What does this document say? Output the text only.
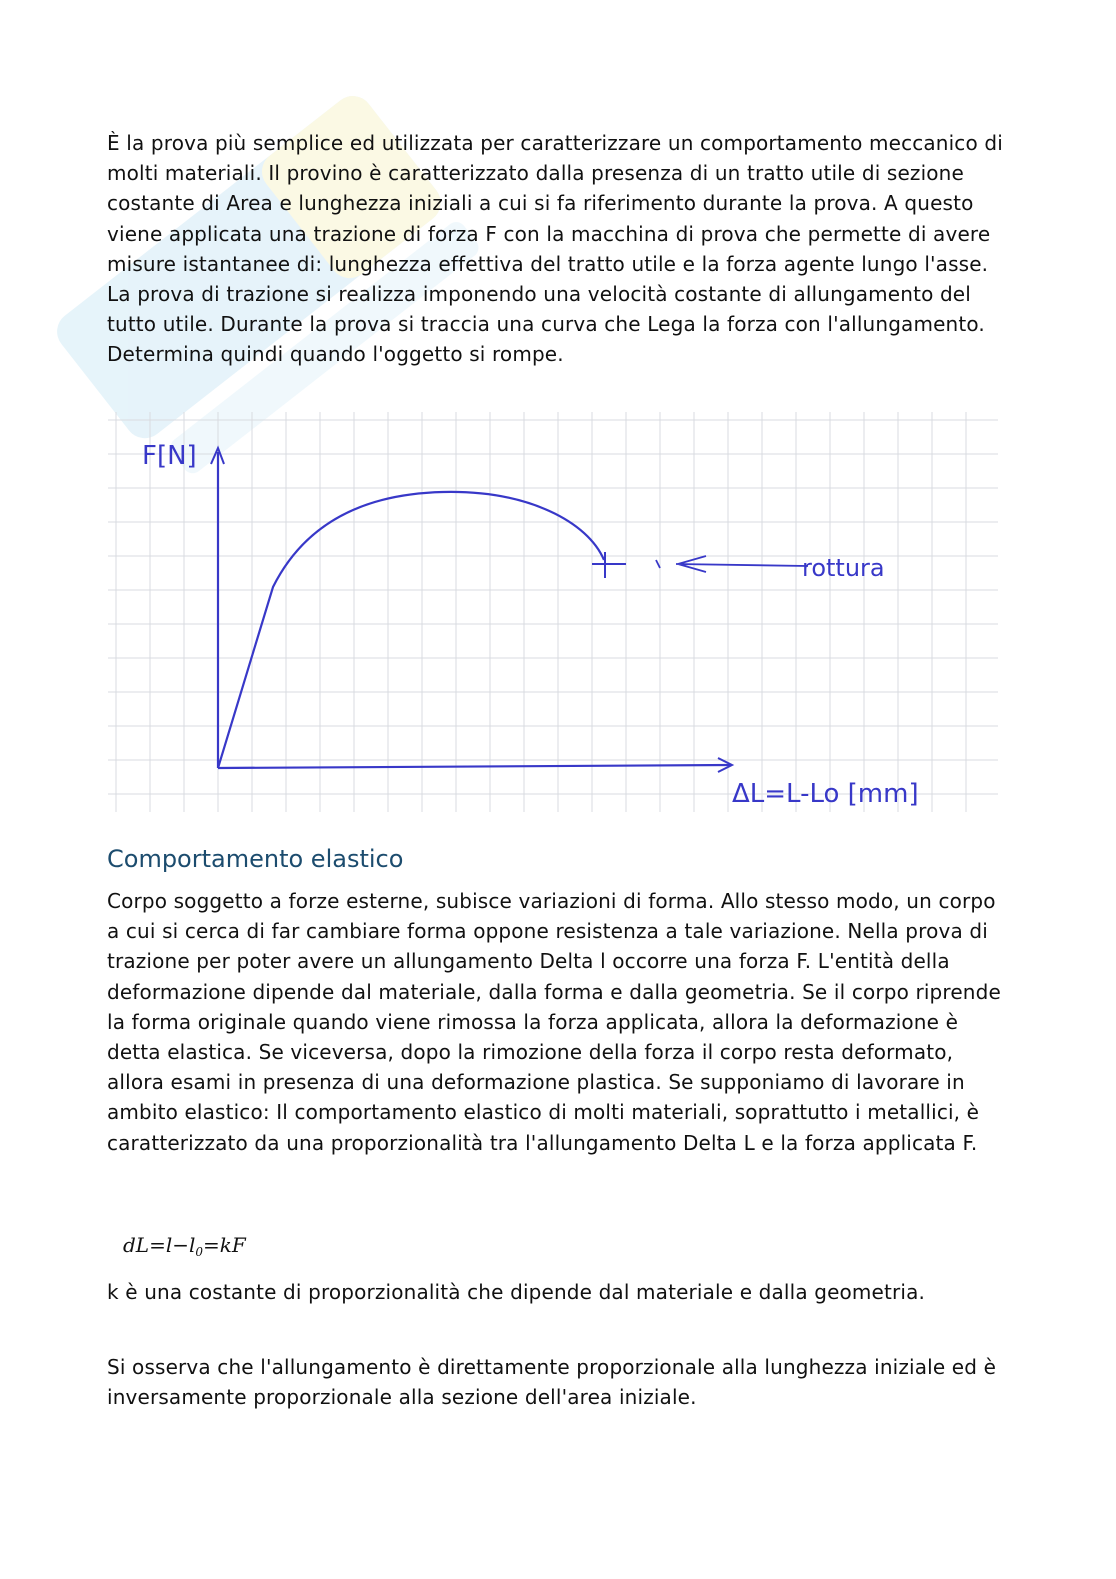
È la prova più semplice ed utilizzata per caratterizzare un comportamento meccanico di molti materiali. Il provino è caratterizzato dalla presenza di un tratto utile di sezione costante di Area e lunghezza iniziali a cui si fa riferimento durante la prova. A questo viene applicata una trazione di forza F con la macchina di prova che permette di avere misure istantanee di: lunghezza effettiva del tratto utile e la forza agente lungo l'asse. La prova di trazione si realizza imponendo una velocità costante di allungamento del tutto utile. Durante la prova si traccia una curva che Lega la forza con l'allungamento. Determina quindi quando l'oggetto si rompe.

F[N]
ΔL=L-Lo [mm]
rottura
Comportamento elastico

Corpo soggetto a forze esterne, subisce variazioni di forma. Allo stesso modo, un corpo a cui si cerca di far cambiare forma oppone resistenza a tale variazione. Nella prova di trazione per poter avere un allungamento Delta l occorre una forza F. L'entità della deformazione dipende dal materiale, dalla forma e dalla geometria. Se il corpo riprende la forma originale quando viene rimossa la forza applicata, allora la deformazione è detta elastica. Se viceversa, dopo la rimozione della forza il corpo resta deformato, allora esami in presenza di una deformazione plastica. Se supponiamo di lavorare in ambito elastico: Il comportamento elastico di molti materiali, soprattutto i metallici, è caratterizzato da una proporzionalità tra l'allungamento Delta L e la forza applicata F.

$dL=l-l_0=kF$

k è una costante di proporzionalità che dipende dal materiale e dalla geometria.

Si osserva che l'allungamento è direttamente proporzionale alla lunghezza iniziale ed è inversamente proporzionale alla sezione dell'area iniziale.
